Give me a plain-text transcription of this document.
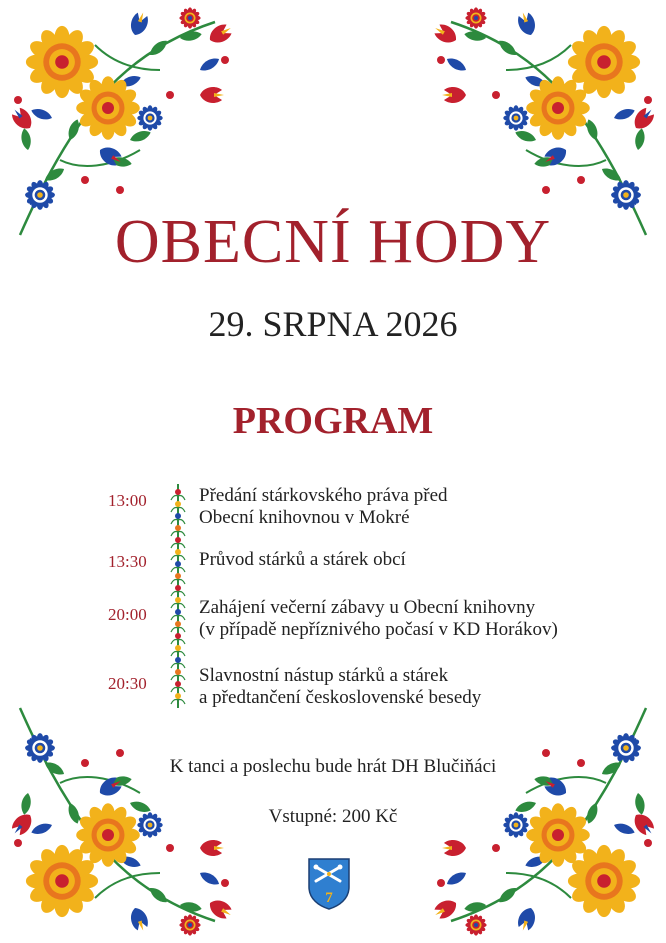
OBECNÍ HODY
29. SRPNA 2026
PROGRAM
13:00	Předání stárkovského práva před
Obecní knihovnou v Mokré
13:30	Průvod stárků a stárek obcí
20:00	Zahájení večerní zábavy u Obecní knihovny
(v případě nepříznivého počasí v KD Horákov)
20:30	Slavnostní nástup stárků a stárek
a předtančení československé besedy
K tanci a poslechu bude hrát DH Blučiňáci
Vstupné: 200 Kč
7
